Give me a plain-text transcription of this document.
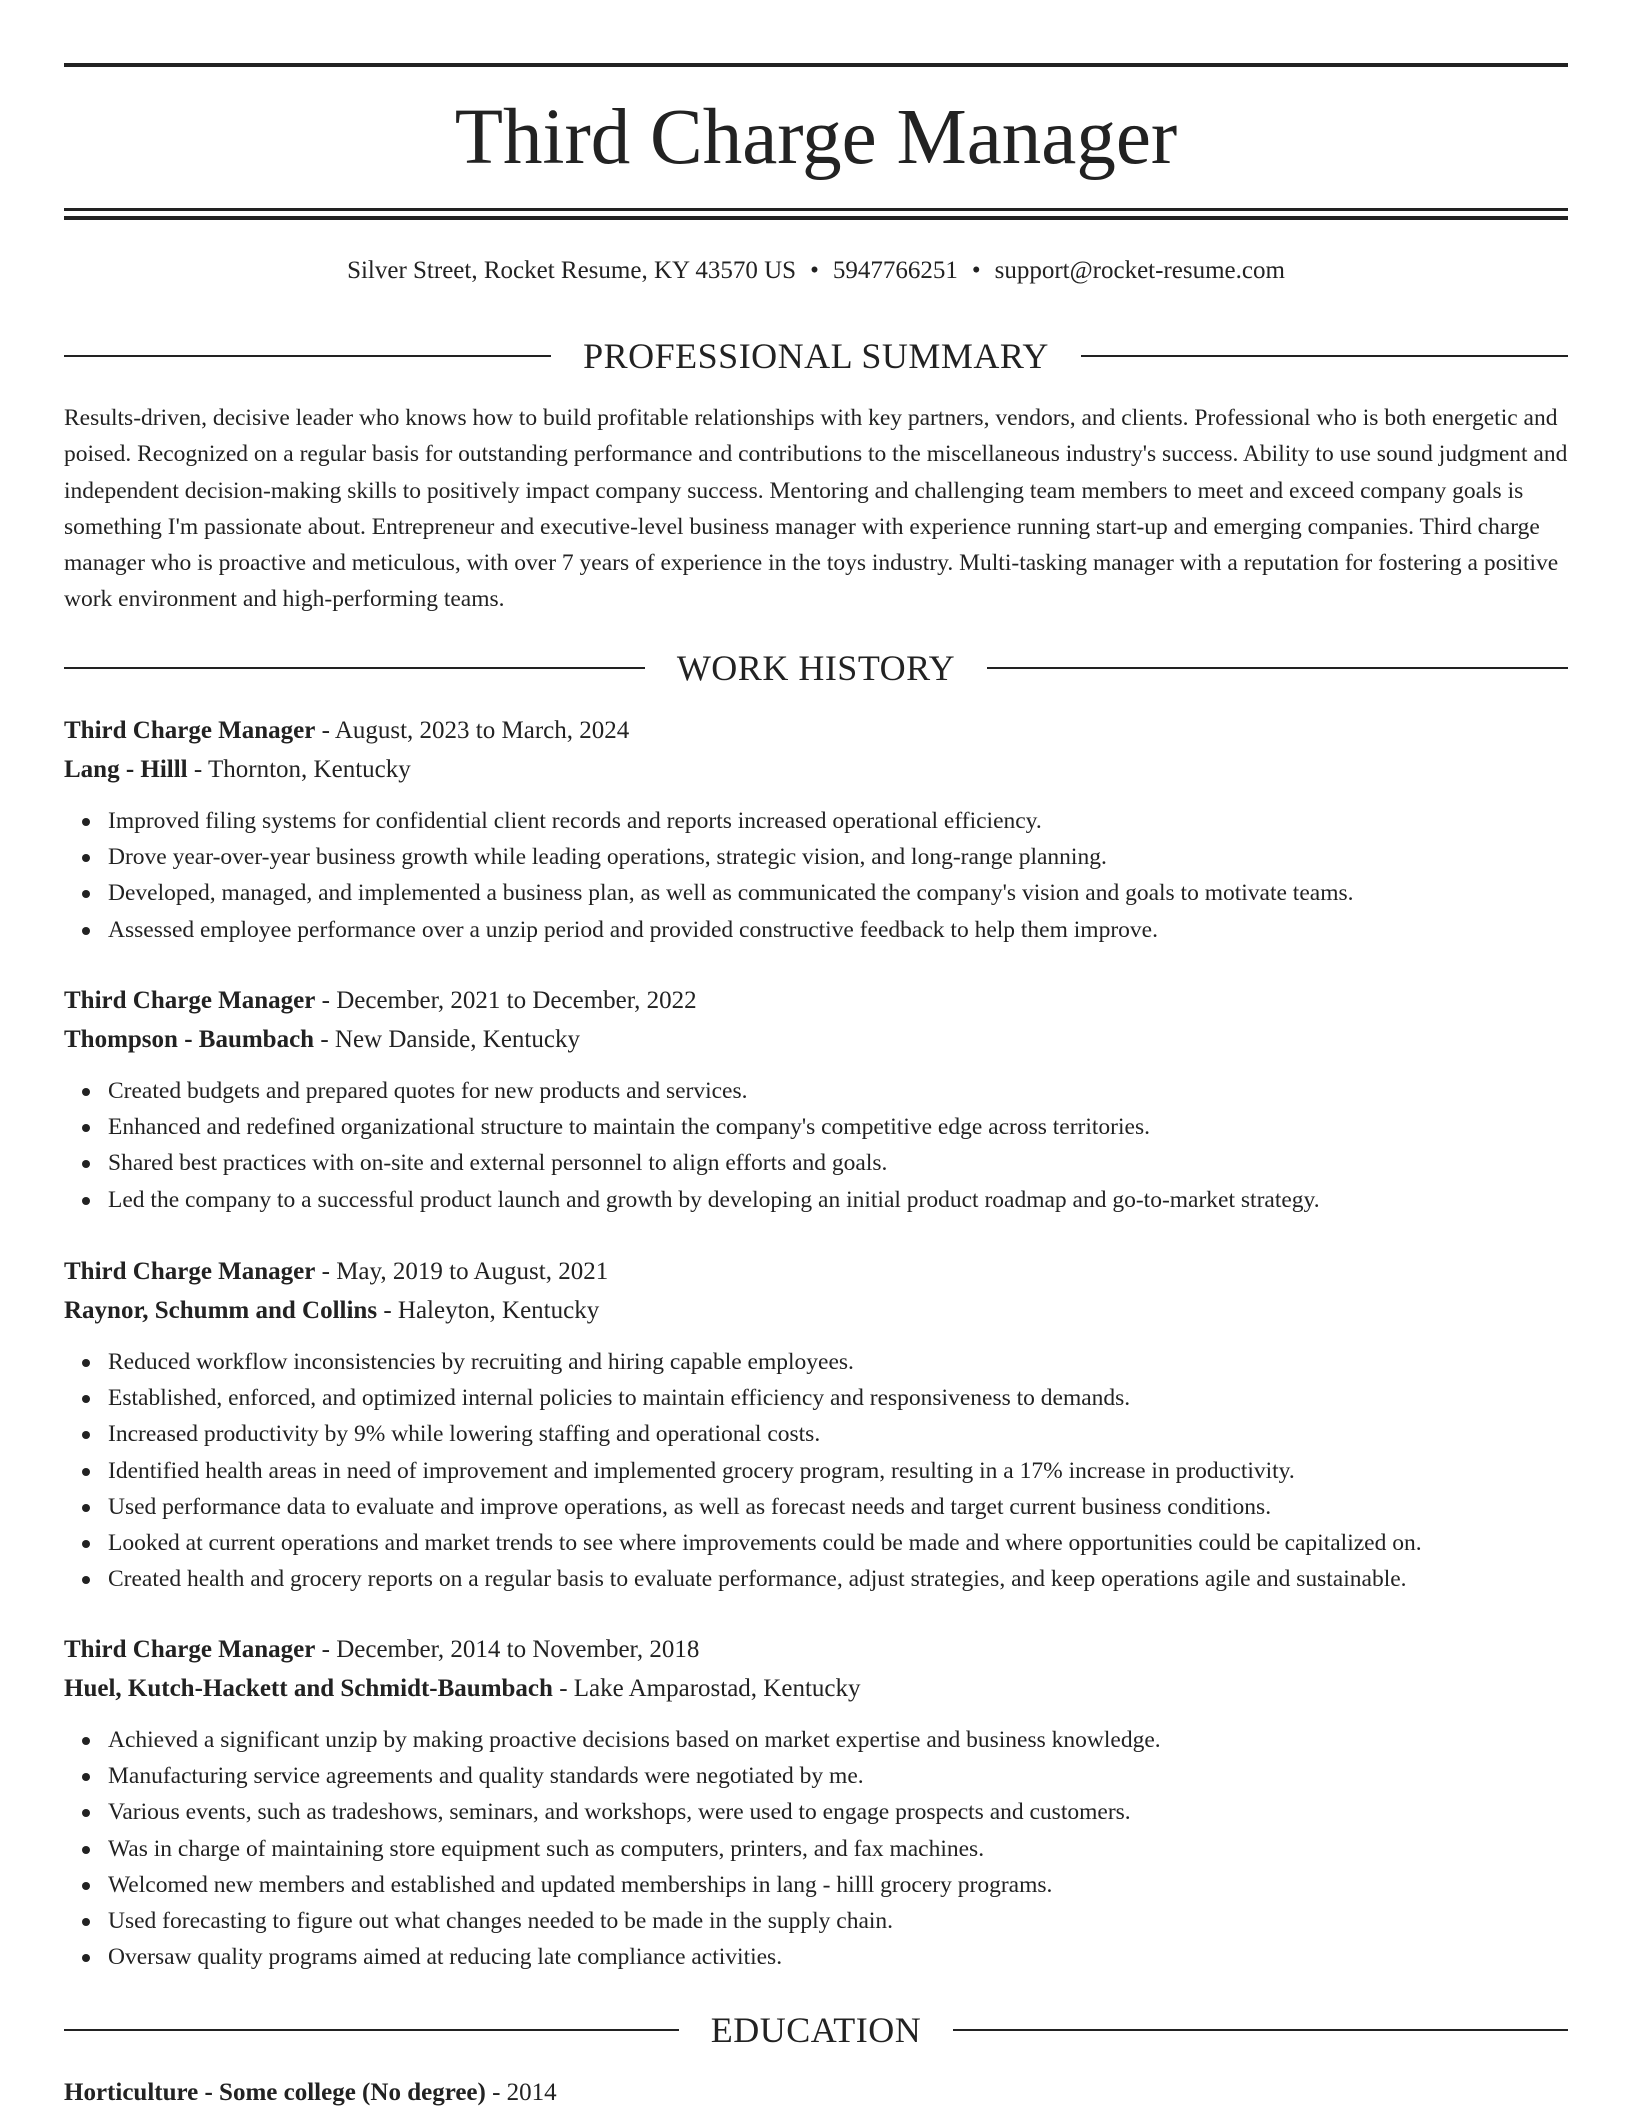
Third Charge Manager
Silver Street, Rocket Resume, KY 43570 US • 5947766251 • support@rocket-resume.com
PROFESSIONAL SUMMARY

Results-driven, decisive leader who knows how to build profitable relationships with key partners, vendors, and clients. Professional who is both energetic and poised. Recognized on a regular basis for outstanding performance and contributions to the miscellaneous industry's success. Ability to use sound judgment and independent decision-making skills to positively impact company success. Mentoring and challenging team members to meet and exceed company goals is something I'm passionate about. Entrepreneur and executive-level business manager with experience running start-up and emerging companies. Third charge manager who is proactive and meticulous, with over 7 years of experience in the toys industry. Multi-tasking manager with a reputation for fostering a positive work environment and high-performing teams.

WORK HISTORY

Third Charge Manager - August, 2023 to March, 2024

Lang - Hilll - Thornton, Kentucky

Improved filing systems for confidential client records and reports increased operational efficiency.
Drove year-over-year business growth while leading operations, strategic vision, and long-range planning.
Developed, managed, and implemented a business plan, as well as communicated the company's vision and goals to motivate teams.
Assessed employee performance over a unzip period and provided constructive feedback to help them improve.

Third Charge Manager - December, 2021 to December, 2022

Thompson - Baumbach - New Danside, Kentucky

Created budgets and prepared quotes for new products and services.
Enhanced and redefined organizational structure to maintain the company's competitive edge across territories.
Shared best practices with on-site and external personnel to align efforts and goals.
Led the company to a successful product launch and growth by developing an initial product roadmap and go-to-market strategy.

Third Charge Manager - May, 2019 to August, 2021

Raynor, Schumm and Collins - Haleyton, Kentucky

Reduced workflow inconsistencies by recruiting and hiring capable employees.
Established, enforced, and optimized internal policies to maintain efficiency and responsiveness to demands.
Increased productivity by 9% while lowering staffing and operational costs.
Identified health areas in need of improvement and implemented grocery program, resulting in a 17% increase in productivity.
Used performance data to evaluate and improve operations, as well as forecast needs and target current business conditions.
Looked at current operations and market trends to see where improvements could be made and where opportunities could be capitalized on.
Created health and grocery reports on a regular basis to evaluate performance, adjust strategies, and keep operations agile and sustainable.

Third Charge Manager - December, 2014 to November, 2018

Huel, Kutch-Hackett and Schmidt-Baumbach - Lake Amparostad, Kentucky

Achieved a significant unzip by making proactive decisions based on market expertise and business knowledge.
Manufacturing service agreements and quality standards were negotiated by me.
Various events, such as tradeshows, seminars, and workshops, were used to engage prospects and customers.
Was in charge of maintaining store equipment such as computers, printers, and fax machines.
Welcomed new members and established and updated memberships in lang - hilll grocery programs.
Used forecasting to figure out what changes needed to be made in the supply chain.
Oversaw quality programs aimed at reducing late compliance activities.
EDUCATION
Horticulture - Some college (No degree) - 2014
